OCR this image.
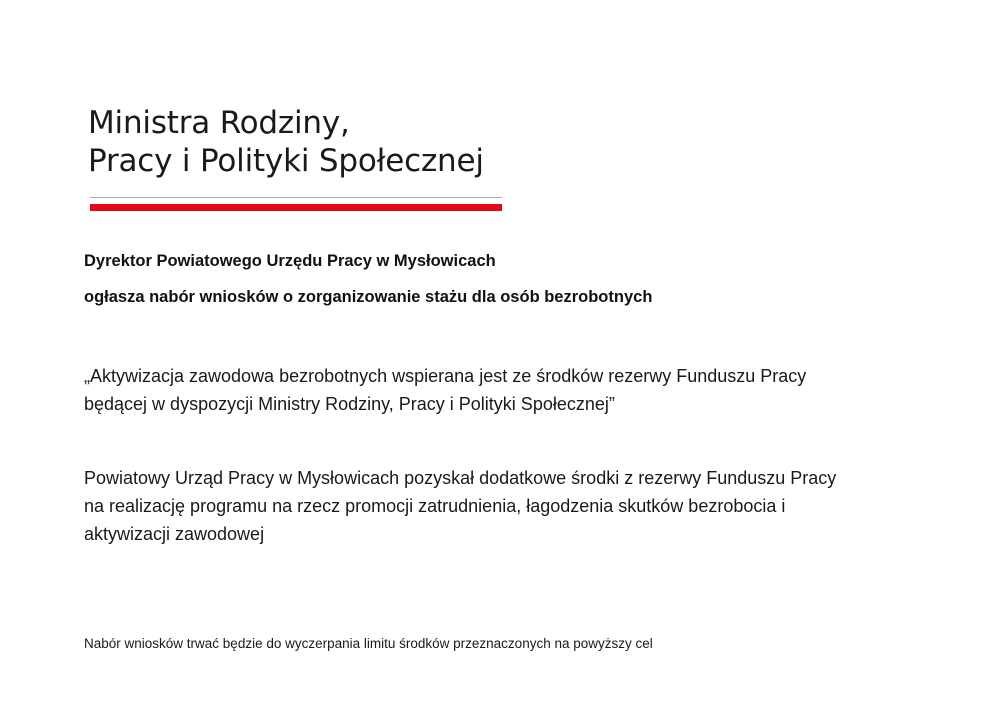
Ministra Rodziny,
Pracy i Polityki Społecznej
Dyrektor Powiatowego Urzędu Pracy w Mysłowicach
ogłasza nabór wniosków o zorganizowanie stażu dla osób bezrobotnych
„Aktywizacja zawodowa bezrobotnych wspierana jest ze środków rezerwy Funduszu Pracy
będącej w dyspozycji Ministry Rodziny, Pracy i Polityki Społecznej”
Powiatowy Urząd Pracy w Mysłowicach pozyskał dodatkowe środki z rezerwy Funduszu Pracy
na realizację programu na rzecz promocji zatrudnienia, łagodzenia skutków bezrobocia i
aktywizacji zawodowej
Nabór wniosków trwać będzie do wyczerpania limitu środków przeznaczonych na powyższy cel
